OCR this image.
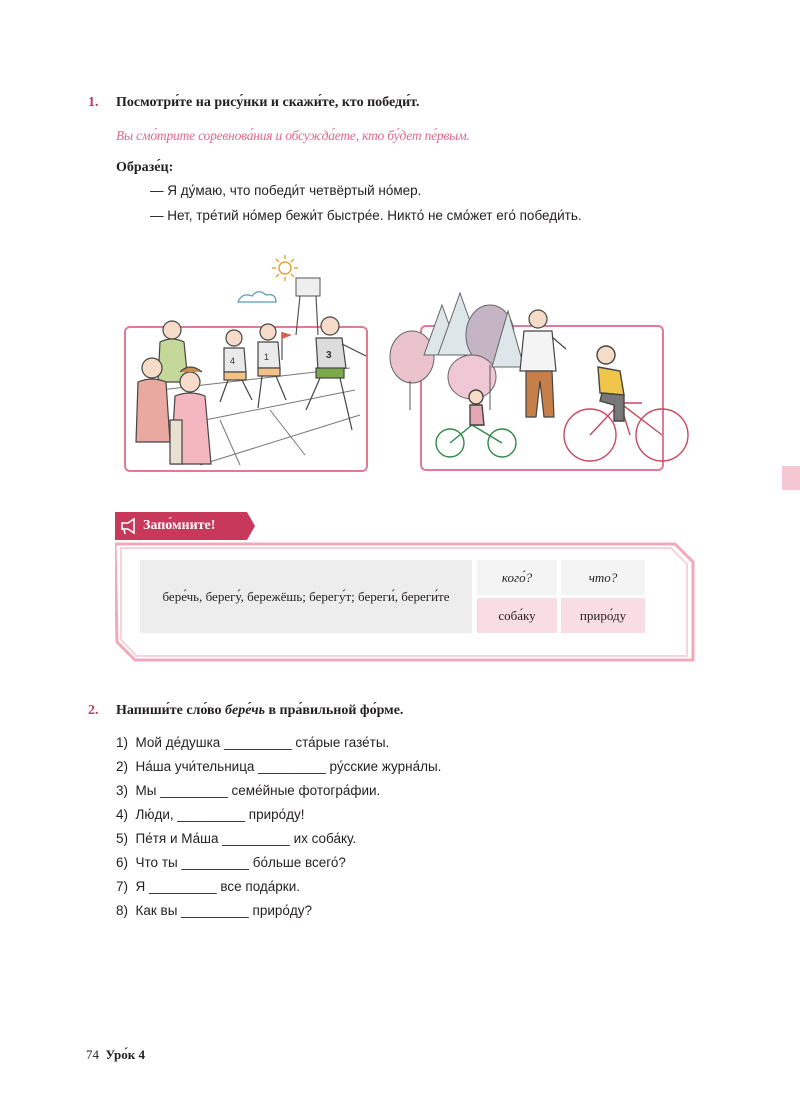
1. Посмотри́те на рису́нки и скажи́те, кто победи́т.
Вы смо́трите соревнова́ния и обсужда́ете, кто бу́дет пе́рвым.
Образе́ц:
— Я ду́маю, что победи́т четвёртый но́мер.
— Нет, тре́тий но́мер бежи́т быстре́е. Никто́ не смо́жет его́ победи́ть.
4	1	3
Запо́мните!
бере́чь, берегу́, бережёшь; берегу́т; береги́, береги́те
кого́?	что?
соба́ку	приро́ду
2. Напиши́те сло́во бере́чь в пра́вильной фо́рме.
1) Мой де́душка _________ ста́рые газе́ты.
2) На́ша учи́тельница _________ ру́сские журна́лы.
3) Мы _________ семе́йные фотогра́фии.
4) Лю́ди, _________ приро́ду!
5) Пе́тя и Ма́ша _________ их соба́ку.
6) Что ты _________ бо́льше всего́?
7) Я _________ все пода́рки.
8) Как вы _________ приро́ду?
74 Уро́к 4
